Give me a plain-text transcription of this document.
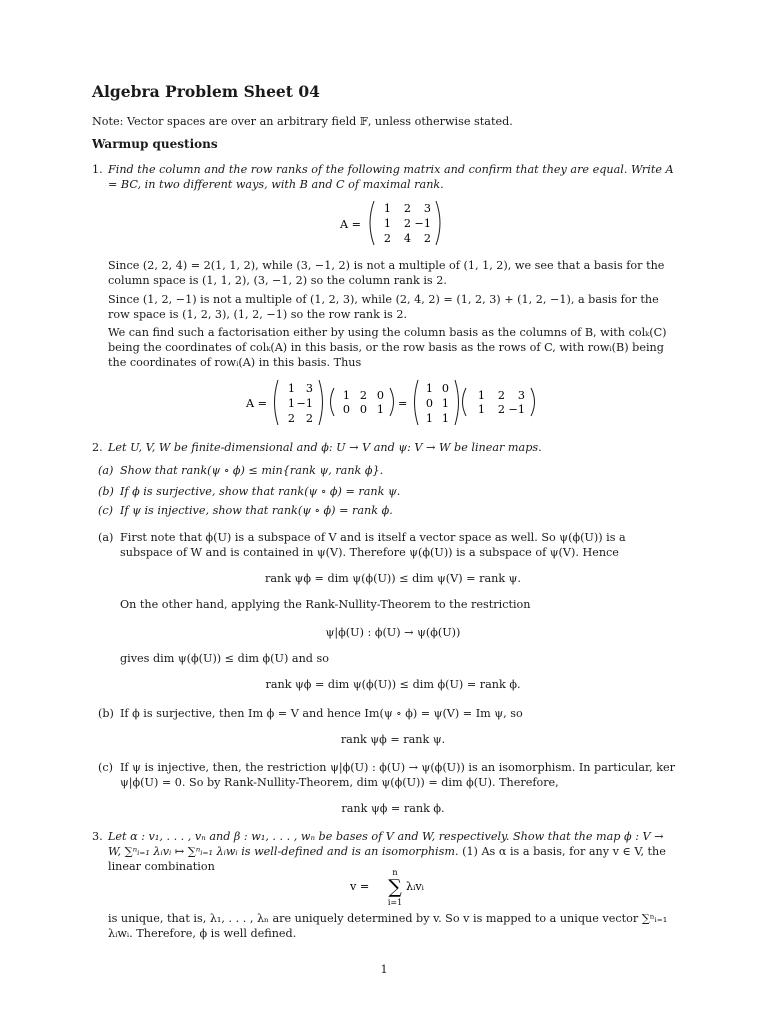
Algebra Problem Sheet 04

Note: Vector spaces are over an arbitrary field 𝔽, unless otherwise stated.

Warmup questions

1. Find the column and the row ranks of the following matrix and confirm that they are equal. Write A = BC, in two different ways, with B and C of maximal rank.

A =
1 2 3
1 2 −1
2 4 2

Since (2, 2, 4) = 2(1, 1, 2), while (3, −1, 2) is not a multiple of (1, 1, 2), we see that a basis for the column space is (1, 1, 2), (3, −1, 2) so the column rank is 2.

Since (1, 2, −1) is not a multiple of (1, 2, 3), while (2, 4, 2) = (1, 2, 3) + (1, 2, −1), a basis for the row space is (1, 2, 3), (1, 2, −1) so the row rank is 2.

We can find such a factorisation either by using the column basis as the columns of B, with colₖ(C) being the coordinates of colₖ(A) in this basis, or the row basis as the rows of C, with rowᵢ(B) being the coordinates of rowᵢ(A) in this basis. Thus

A =
1 3
1 −1
2 2
1 2 0
0 0 1 =
1 0
0 1
1 1
1 2 3
1 2 −1

2. Let U, V, W be finite-dimensional and ϕ: U → V and ψ: V → W be linear maps.

(a) Show that rank(ψ ∘ ϕ) ≤ min{rank ψ, rank ϕ}.

(b) If ϕ is surjective, show that rank(ψ ∘ ϕ) = rank ψ.

(c) If ψ is injective, show that rank(ψ ∘ ϕ) = rank ϕ.

(a) First note that ϕ(U) is a subspace of V and is itself a vector space as well. So ψ(ϕ(U)) is a subspace of W and is contained in ψ(V). Therefore ψ(ϕ(U)) is a subspace of ψ(V). Hence

rank ψϕ = dim ψ(ϕ(U)) ≤ dim ψ(V) = rank ψ.

On the other hand, applying the Rank-Nullity-Theorem to the restriction

ψ|ϕ(U) : ϕ(U) → ψ(ϕ(U))

gives dim ψ(ϕ(U)) ≤ dim ϕ(U) and so

rank ψϕ = dim ψ(ϕ(U)) ≤ dim ϕ(U) = rank ϕ.

(b) If ϕ is surjective, then Im ϕ = V and hence Im(ψ ∘ ϕ) = ψ(V) = Im ψ, so

rank ψϕ = rank ψ.

(c) If ψ is injective, then, the restriction ψ|ϕ(U) : ϕ(U) → ψ(ϕ(U)) is an isomorphism. In particular, ker ψ|ϕ(U) = 0. So by Rank-Nullity-Theorem, dim ψ(ϕ(U)) = dim ϕ(U). Therefore,

rank ψϕ = rank ϕ.

3. Let α : v₁, . . . , vₙ and β : w₁, . . . , wₙ be bases of V and W, respectively. Show that the map ϕ : V → W, ∑ⁿᵢ₌₁ λᵢvᵢ ↦ ∑ⁿᵢ₌₁ λᵢwᵢ is well-defined and is an isomorphism. (1) As α is a basis, for any v ∈ V, the linear combination

v =
n
∑
i=1
λᵢvᵢ

is unique, that is, λ₁, . . . , λₙ are uniquely determined by v. So v is mapped to a unique vector ∑ⁿᵢ₌₁ λᵢwᵢ. Therefore, ϕ is well defined.

1
